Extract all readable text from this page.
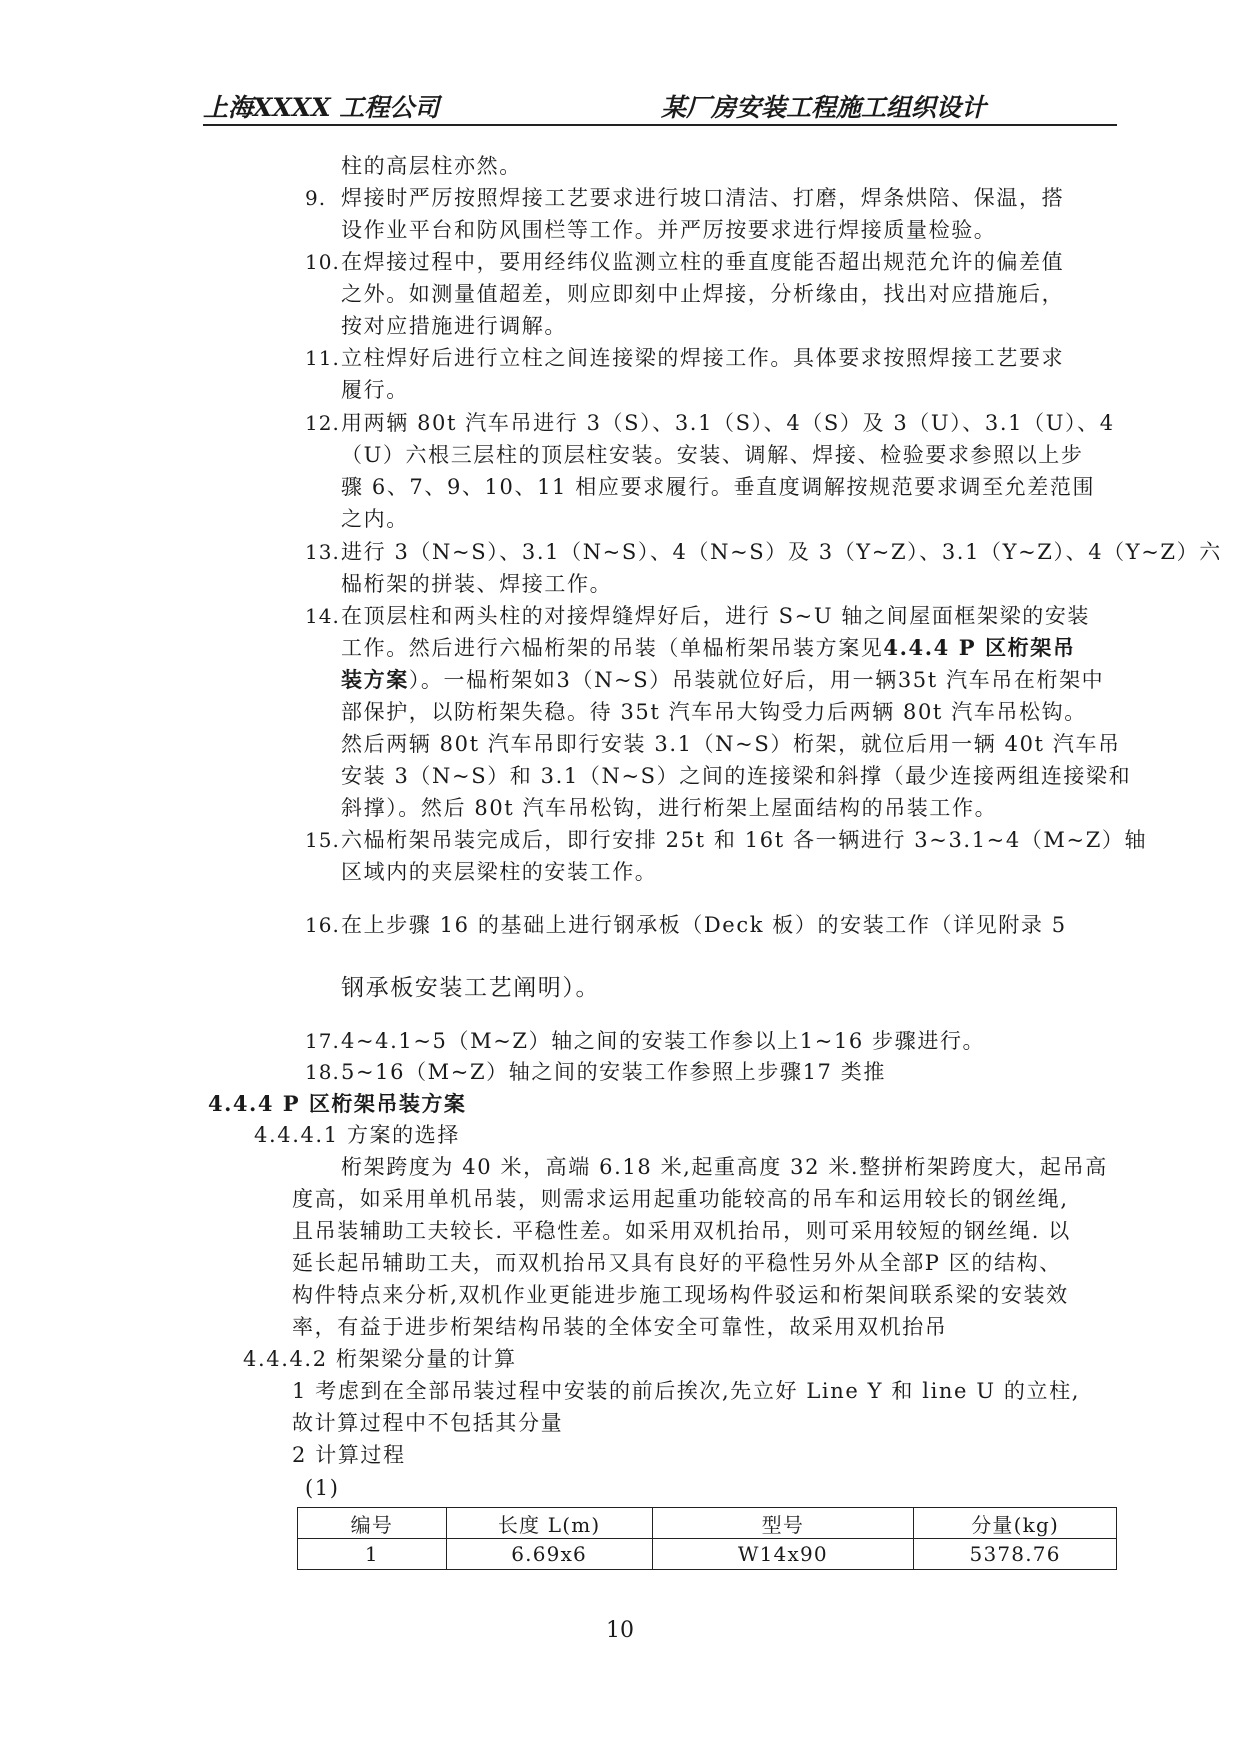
上海XXXX 工程公司	某厂房安装工程施工组织设计
柱的高层柱亦然。
9. 焊接时严厉按照焊接工艺要求进行坡口清洁、打磨，焊条烘陪、保温，搭
设作业平台和防风围栏等工作。并严厉按要求进行焊接质量检验。
10. 在焊接过程中，要用经纬仪监测立柱的垂直度能否超出规范允许的偏差值
之外。如测量值超差，则应即刻中止焊接，分析缘由，找出对应措施后，
按对应措施进行调解。
11. 立柱焊好后进行立柱之间连接梁的焊接工作。具体要求按照焊接工艺要求
履行。
12. 用两辆 80t 汽车吊进行 3（S）、3.1（S）、4（S）及 3（U）、3.1（U）、4
（U）六根三层柱的顶层柱安装。安装、调解、焊接、检验要求参照以上步
骤 6、7、9、10、11 相应要求履行。垂直度调解按规范要求调至允差范围
之内。
13. 进行 3（N~S）、3.1（N~S）、4（N~S）及 3（Y~Z）、3.1（Y~Z）、4（Y~Z）六
榀桁架的拼装、焊接工作。
14. 在顶层柱和两头柱的对接焊缝焊好后，进行 S~U 轴之间屋面框架梁的安装
工作。然后进行六榀桁架的吊装（单榀桁架吊装方案见4.4.4 P 区桁架吊
装方案）。一榀桁架如3（N~S）吊装就位好后，用一辆35t 汽车吊在桁架中
部保护，以防桁架失稳。待 35t 汽车吊大钩受力后两辆 80t 汽车吊松钩。
然后两辆 80t 汽车吊即行安装 3.1（N~S）桁架，就位后用一辆 40t 汽车吊
安装 3（N~S）和 3.1（N~S）之间的连接梁和斜撑（最少连接两组连接梁和
斜撑）。然后 80t 汽车吊松钩，进行桁架上屋面结构的吊装工作。
15. 六榀桁架吊装完成后，即行安排 25t 和 16t 各一辆进行 3~3.1~4（M~Z）轴
区域内的夹层梁柱的安装工作。
16. 在上步骤 16 的基础上进行钢承板（Deck 板）的安装工作（详见附录 5
钢承板安装工艺阐明）。
17. 4~4.1~5（M~Z）轴之间的安装工作参以上1~16 步骤进行。
18. 5~16（M~Z）轴之间的安装工作参照上步骤17 类推
4.4.4 P 区桁架吊装方案
4.4.4.1 方案的选择
桁架跨度为 40 米，高端 6.18 米,起重高度 32 米.整拼桁架跨度大，起吊高
度高，如采用单机吊装，则需求运用起重功能较高的吊车和运用较长的钢丝绳,
且吊装辅助工夫较长. 平稳性差。如采用双机抬吊，则可采用较短的钢丝绳. 以
延长起吊辅助工夫，而双机抬吊又具有良好的平稳性另外从全部P 区的结构、
构件特点来分析,双机作业更能进步施工现场构件驳运和桁架间联系梁的安装效
率，有益于进步桁架结构吊装的全体安全可靠性，故采用双机抬吊
4.4.4.2 桁架梁分量的计算
1 考虑到在全部吊装过程中安装的前后挨次,先立好 Line Y 和 line U 的立柱,
故计算过程中不包括其分量
2 计算过程
(1)
编号	长度 L(m)	型号	分量(kg)
1	6.69x6	W14x90	5378.76
10
